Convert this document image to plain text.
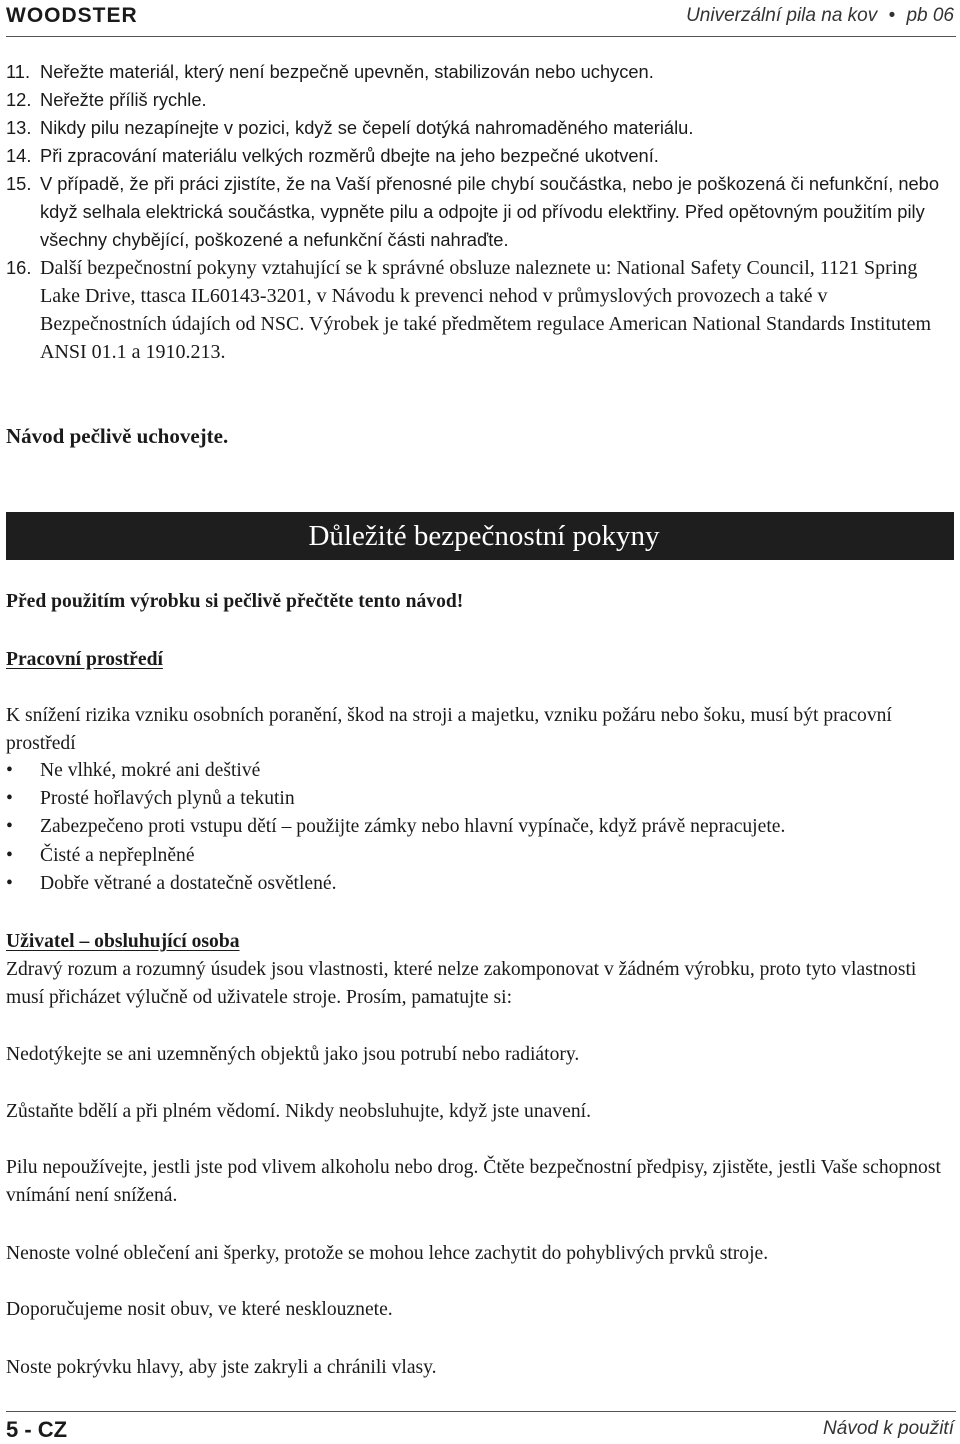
WOODSTER	Univerzální pila na kov • pb 06
11. Neřežte materiál, který není bezpečně upevněn, stabilizován nebo uchycen.
12. Neřežte příliš rychle.
13. Nikdy pilu nezapínejte v pozici, když se čepelí dotýká nahromaděného materiálu.
14. Při zpracování materiálu velkých rozměrů dbejte na jeho bezpečné ukotvení.
15. V případě, že při práci zjistíte, že na Vaší přenosné pile chybí součástka, nebo je poškozená či nefunkční, nebo když selhala elektrická součástka, vypněte pilu a odpojte ji od přívodu elektřiny. Před opětovným použitím pily všechny chybějící, poškozené a nefunkční části nahraďte.
16. Další bezpečnostní pokyny vztahující se k správné obsluze naleznete u: National Safety Council, 1121 Spring Lake Drive, ttasca IL60143-3201, v Návodu k prevenci nehod v průmyslových provozech a také v Bezpečnostních údajích od NSC. Výrobek je také předmětem regulace American National Standards Institutem ANSI 01.1 a 1910.213.
Návod pečlivě uchovejte.
Důležité bezpečnostní pokyny
Před použitím výrobku si pečlivě přečtěte tento návod!
Pracovní prostředí
K snížení rizika vzniku osobních poranění, škod na stroji a majetku, vzniku požáru nebo šoku, musí být pracovní prostředí
• Ne vlhké, mokré ani deštivé
• Prosté hořlavých plynů a tekutin
• Zabezpečeno proti vstupu dětí – použijte zámky nebo hlavní vypínače, když právě nepracujete.
• Čisté a nepřeplněné
• Dobře větrané a dostatečně osvětlené.
Uživatel – obsluhující osoba
Zdravý rozum a rozumný úsudek jsou vlastnosti, které nelze zakomponovat v žádném výrobku, proto tyto vlastnosti musí přicházet výlučně od uživatele stroje. Prosím, pamatujte si:
Nedotýkejte se ani uzemněných objektů jako jsou potrubí nebo radiátory.
Zůstaňte bdělí a při plném vědomí. Nikdy neobsluhujte, když jste unavení.
Pilu nepoužívejte, jestli jste pod vlivem alkoholu nebo drog. Čtěte bezpečnostní předpisy, zjistěte, jestli Vaše schopnost vnímání není snížená.
Nenoste volné oblečení ani šperky, protože se mohou lehce zachytit do pohyblivých prvků stroje.
Doporučujeme nosit obuv, ve které nesklouznete.
Noste pokrývku hlavy, aby jste zakryli a chránili vlasy.
5 - CZ	Návod k použití
